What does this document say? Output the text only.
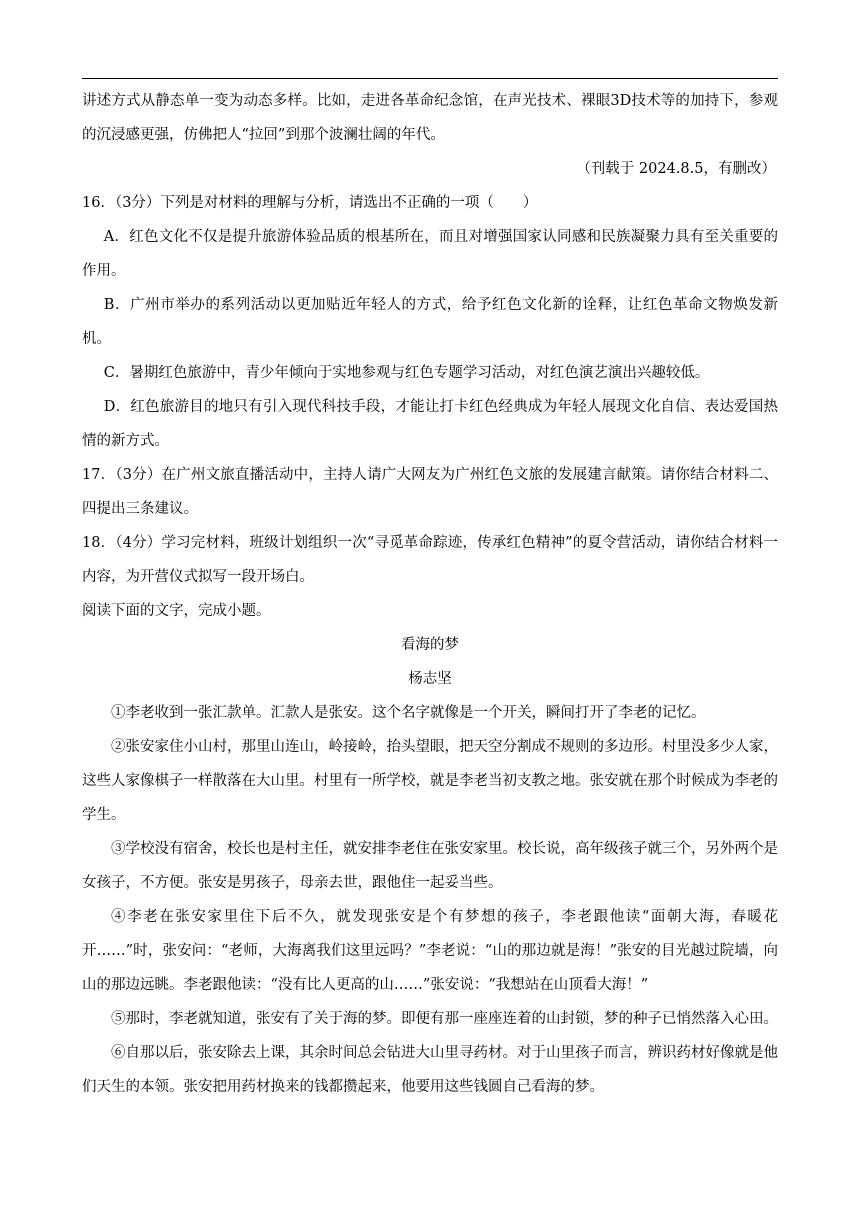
讲述方式从静态单一变为动态多样。比如，走进各革命纪念馆，在声光技术、裸眼3D技术等的加持下，参观的沉浸感更强，仿佛把人“拉回”到那个波澜壮阔的年代。

（刊载于 2024.8.5，有删改）

16．（3分）下列是对材料的理解与分析，请选出不正确的一项（　　）

A．红色文化不仅是提升旅游体验品质的根基所在，而且对增强国家认同感和民族凝聚力具有至关重要的作用。

B．广州市举办的系列活动以更加贴近年轻人的方式，给予红色文化新的诠释，让红色革命文物焕发新机。

C．暑期红色旅游中，青少年倾向于实地参观与红色专题学习活动，对红色演艺演出兴趣较低。

D．红色旅游目的地只有引入现代科技手段，才能让打卡红色经典成为年轻人展现文化自信、表达爱国热情的新方式。

17．（3分）在广州文旅直播活动中，主持人请广大网友为广州红色文旅的发展建言献策。请你结合材料二、四提出三条建议。

18．（4分）学习完材料，班级计划组织一次“寻觅革命踪迹，传承红色精神”的夏令营活动，请你结合材料一内容，为开营仪式拟写一段开场白。

阅读下面的文字，完成小题。

看海的梦

杨志坚

①李老收到一张汇款单。汇款人是张安。这个名字就像是一个开关，瞬间打开了李老的记忆。

②张安家住小山村，那里山连山，岭接岭，抬头望眼，把天空分割成不规则的多边形。村里没多少人家，这些人家像棋子一样散落在大山里。村里有一所学校，就是李老当初支教之地。张安就在那个时候成为李老的学生。

③学校没有宿舍，校长也是村主任，就安排李老住在张安家里。校长说，高年级孩子就三个，另外两个是女孩子，不方便。张安是男孩子，母亲去世，跟他住一起妥当些。

④李老在张安家里住下后不久，就发现张安是个有梦想的孩子，李老跟他读“面朝大海，春暖花开……”时，张安问：“老师，大海离我们这里远吗？”李老说：“山的那边就是海！”张安的目光越过院墙，向山的那边远眺。李老跟他读：“没有比人更高的山……”张安说：“我想站在山顶看大海！”

⑤那时，李老就知道，张安有了关于海的梦。即便有那一座座连着的山封锁，梦的种子已悄然落入心田。

⑥自那以后，张安除去上课，其余时间总会钻进大山里寻药材。对于山里孩子而言，辨识药材好像就是他们天生的本领。张安把用药材换来的钱都攒起来，他要用这些钱圆自己看海的梦。
